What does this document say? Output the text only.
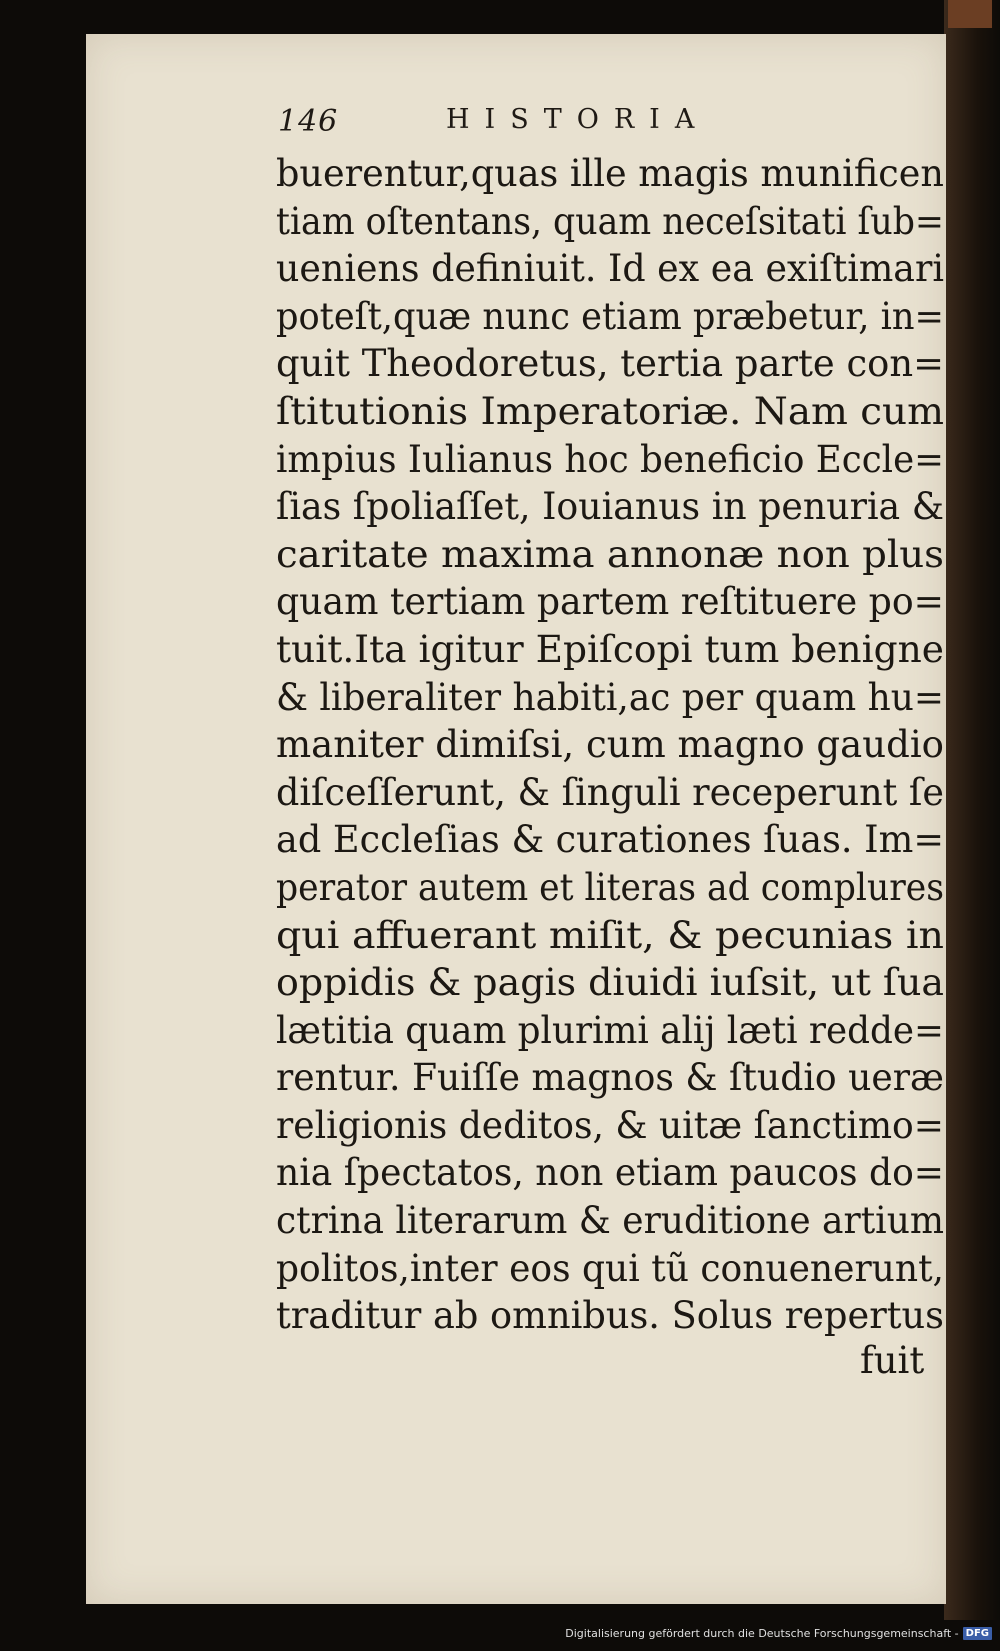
146	HISTORIA
buerentur,quas ille magis munificen
tiam oſtentans, quam neceſsitati ſub=
ueniens definiuit. Id ex ea exiſtimari
poteſt,quæ nunc etiam præbetur, in=
quit Theodoretus, tertia parte con=
ſtitutionis Imperatoriæ. Nam cum
impius Iulianus hoc beneficio Eccle=
ſias ſpoliaſſet, Iouianus in penuria &
caritate maxima annonæ non plus
quam tertiam partem reſtituere po=
tuit.Ita igitur Epiſcopi tum benigne
& liberaliter habiti,ac per quam hu=
maniter dimiſsi, cum magno gaudio
diſceſſerunt, & ſinguli receperunt ſe
ad Eccleſias & curationes ſuas. Im=
perator autem et literas ad complures
qui affuerant miſit, & pecunias in
oppidis & pagis diuidi iuſsit, ut ſua
lætitia quam plurimi alij læti redde=
rentur. Fuiſſe magnos & ſtudio ueræ
religionis deditos, & uitæ ſanctimo=
nia ſpectatos, non etiam paucos do=
ctrina literarum & eruditione artium
politos,inter eos qui tũ conuenerunt,
traditur ab omnibus. Solus repertus
fuit
Digitalisierung gefördert durch die Deutsche Forschungsgemeinschaft - DFG
